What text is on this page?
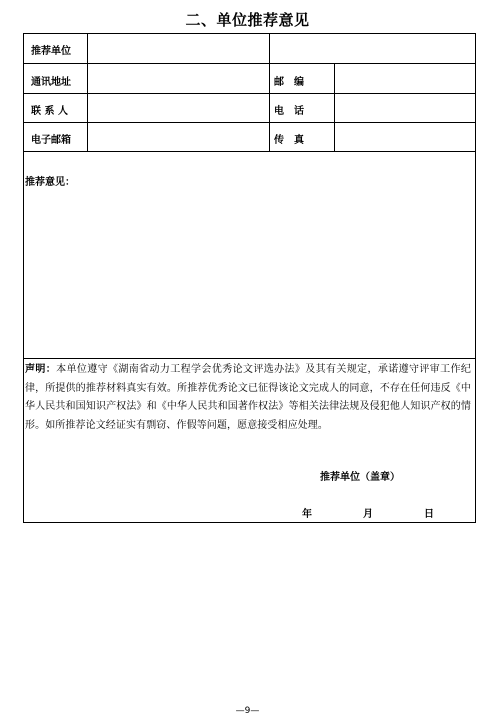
二、单位推荐意见
推荐单位
通讯地址	邮　编
联 系 人	电　话
电子邮箱	传　真
推荐意见：
声明：本单位遵守《湖南省动力工程学会优秀论文评选办法》及其有关规定，承诺遵守评审工作纪律，所提供的推荐材料真实有效。所推荐优秀论文已征得该论文完成人的同意，不存在任何违反《中华人民共和国知识产权法》和《中华人民共和国著作权法》等相关法律法规及侵犯他人知识产权的情形。如所推荐论文经证实有剽窃、作假等问题，愿意接受相应处理。
推荐单位（盖章）
年	月	日
—9—
